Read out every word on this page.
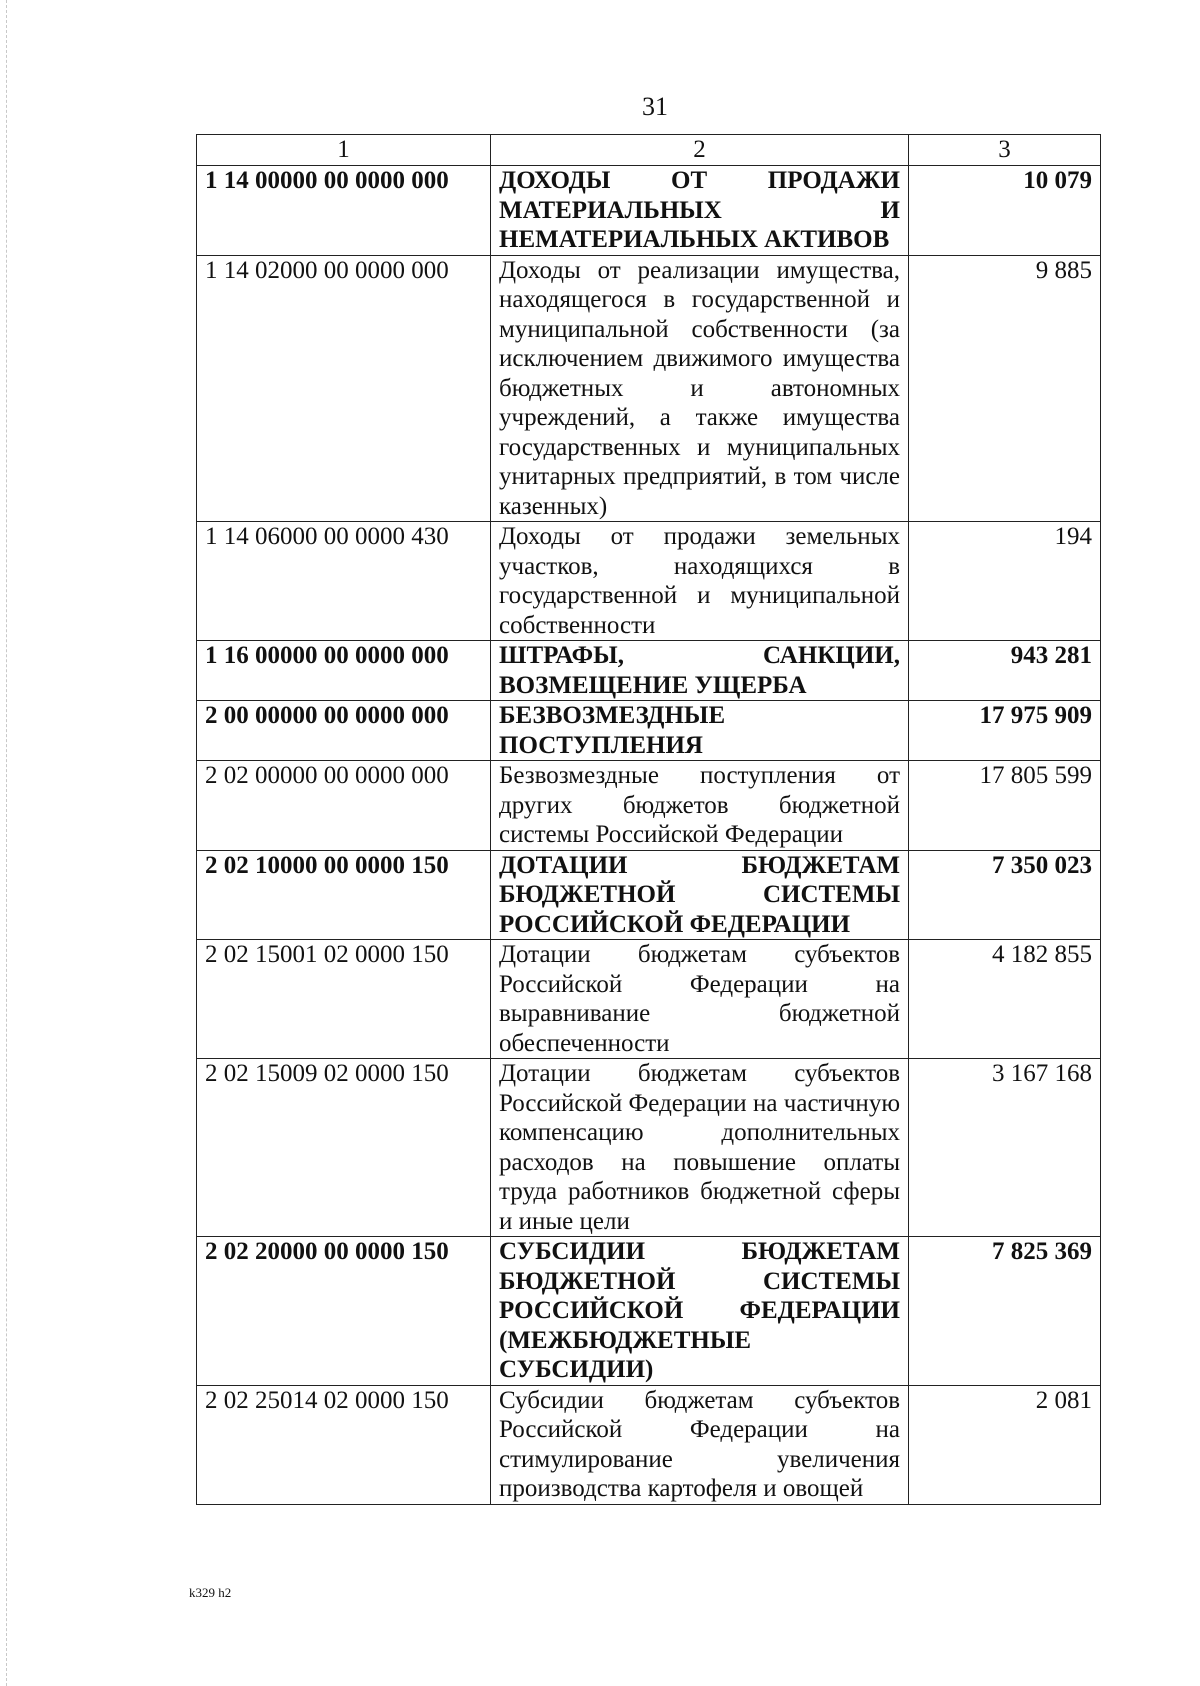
31
1	2	3
1 14 00000 00 0000 000	ДОХОДЫ ОТ ПРОДАЖИ МАТЕРИАЛЬНЫХ И НЕМАТЕРИАЛЬНЫХ АКТИВОВ	10 079
1 14 02000 00 0000 000	Доходы от реализации имущества, находящегося в государственной и муниципальной собственности (за исключением движимого имущества бюджетных и автономных учреждений, а также имущества государственных и муниципальных унитарных предприятий, в том числе казенных)	9 885
1 14 06000 00 0000 430	Доходы от продажи земельных участков, находящихся в государственной и муниципальной собственности	194
1 16 00000 00 0000 000	ШТРАФЫ, САНКЦИИ, ВОЗМЕЩЕНИЕ УЩЕРБА	943 281
2 00 00000 00 0000 000	БЕЗВОЗМЕЗДНЫЕ ПОСТУПЛЕНИЯ	17 975 909
2 02 00000 00 0000 000	Безвозмездные поступления от других бюджетов бюджетной системы Российской Федерации	17 805 599
2 02 10000 00 0000 150	ДОТАЦИИ БЮДЖЕТАМ БЮДЖЕТНОЙ СИСТЕМЫ РОССИЙСКОЙ ФЕДЕРАЦИИ	7 350 023
2 02 15001 02 0000 150	Дотации бюджетам субъектов Российской Федерации на выравнивание бюджетной обеспеченности	4 182 855
2 02 15009 02 0000 150	Дотации бюджетам субъектов Российской Федерации на частичную компенсацию дополнительных расходов на повышение оплаты труда работников бюджетной сферы и иные цели	3 167 168
2 02 20000 00 0000 150	СУБСИДИИ БЮДЖЕТАМ БЮДЖЕТНОЙ СИСТЕМЫ РОССИЙСКОЙ ФЕДЕРАЦИИ (МЕЖБЮДЖЕТНЫЕ СУБСИДИИ)	7 825 369
2 02 25014 02 0000 150	Субсидии бюджетам субъектов Российской Федерации на стимулирование увеличения производства картофеля и овощей	2 081
k329 h2
